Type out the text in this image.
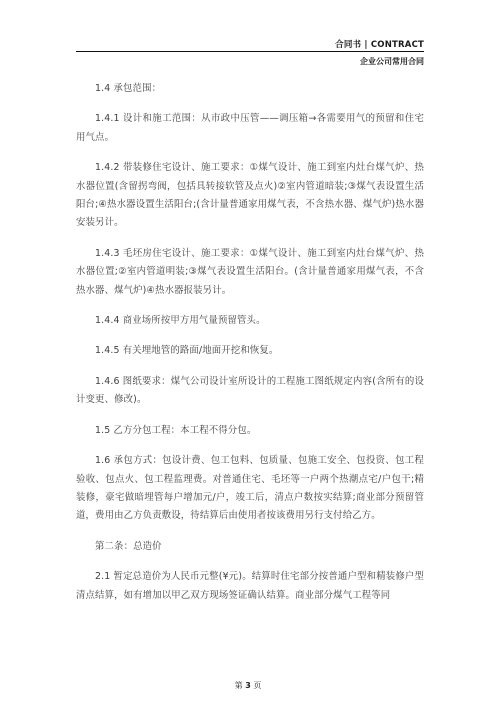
合同书 | CONTRACT
企业公司常用合同

1.4 承包范围：

1.4.1 设计和施工范围：从市政中压管——调压箱→各需要用气的预留和住宅用气点。

1.4.2 带装修住宅设计、施工要求：①煤气设计、施工到室内灶台煤气炉、热水器位置(含留拐弯阀，包括具转接软管及点火)②室内管道暗装;③煤气表设置生活阳台;④热水器设置生活阳台;(含计量普通家用煤气表，不含热水器、煤气炉)热水器安装另计。

1.4.3 毛坯房住宅设计、施工要求：①煤气设计、施工到室内灶台煤气炉、热水器位置;②室内管道明装;③煤气表设置生活阳台。(含计量普通家用煤气表，不含热水器、煤气炉)④热水器报装另计。

1.4.4 商业场所按甲方用气量预留管头。

1.4.5 有关埋地管的路面/地面开挖和恢复。

1.4.6 图纸要求：煤气公司设计室所设计的工程施工图纸规定内容(含所有的设计变更、修改)。

1.5 乙方分包工程：本工程不得分包。

1.6 承包方式：包设计费、包工包料、包质量、包施工安全、包投资、包工程验收、包点火、包工程监理费。对普通住宅、毛坯等一户两个热潮点宅/户包干;精装修，豪宅做暗埋管每户增加元/户，竣工后，清点户数按实结算;商业部分预留管道，费用由乙方负责敷设，待结算后由使用者按该费用另行支付给乙方。

第二条：总造价

2.1 暂定总造价为人民币元整(¥元)。结算时住宅部分按普通户型和精装修户型清点结算，如有增加以甲乙双方现场签证确认结算。商业部分煤气工程等同

第 3 页
